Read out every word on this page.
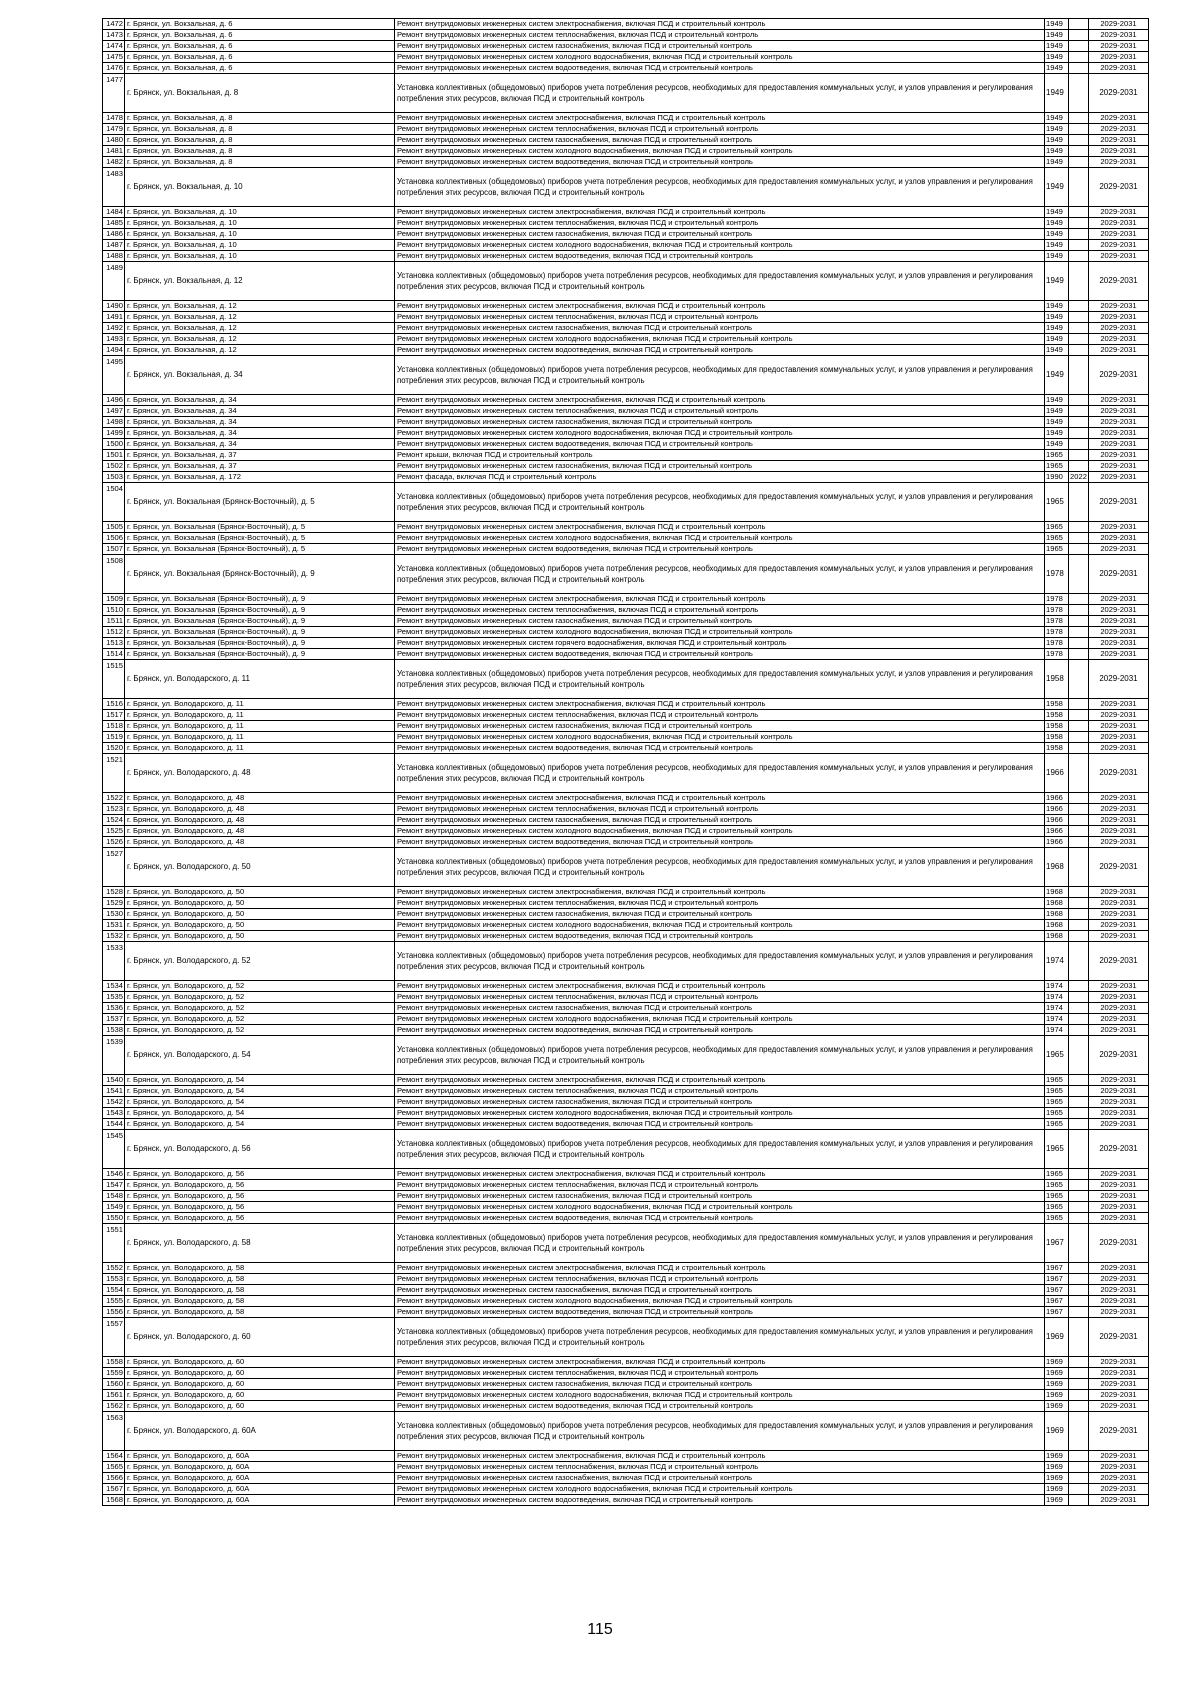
1472	г. Брянск, ул. Вокзальная, д. 6	Ремонт внутридомовых инженерных систем электроснабжения, включая ПСД и строительный контроль	1949		2029-2031
1473	г. Брянск, ул. Вокзальная, д. 6	Ремонт внутридомовых инженерных систем теплоснабжения, включая ПСД и строительный контроль	1949		2029-2031
1474	г. Брянск, ул. Вокзальная, д. 6	Ремонт внутридомовых инженерных систем газоснабжения, включая ПСД и строительный контроль	1949		2029-2031
1475	г. Брянск, ул. Вокзальная, д. 6	Ремонт внутридомовых инженерных систем холодного водоснабжения, включая ПСД и строительный контроль	1949		2029-2031
1476	г. Брянск, ул. Вокзальная, д. 6	Ремонт внутридомовых инженерных систем водоотведения, включая ПСД и строительный контроль	1949		2029-2031
1477	г. Брянск, ул. Вокзальная, д. 8	Установка коллективных (общедомовых) приборов учета потребления ресурсов, необходимых для предоставления коммунальных услуг, и узлов управления и регулирования потребления этих ресурсов, включая ПСД и строительный контроль	1949		2029-2031
1478	г. Брянск, ул. Вокзальная, д. 8	Ремонт внутридомовых инженерных систем электроснабжения, включая ПСД и строительный контроль	1949		2029-2031
1479	г. Брянск, ул. Вокзальная, д. 8	Ремонт внутридомовых инженерных систем теплоснабжения, включая ПСД и строительный контроль	1949		2029-2031
1480	г. Брянск, ул. Вокзальная, д. 8	Ремонт внутридомовых инженерных систем газоснабжения, включая ПСД и строительный контроль	1949		2029-2031
1481	г. Брянск, ул. Вокзальная, д. 8	Ремонт внутридомовых инженерных систем холодного водоснабжения, включая ПСД и строительный контроль	1949		2029-2031
1482	г. Брянск, ул. Вокзальная, д. 8	Ремонт внутридомовых инженерных систем водоотведения, включая ПСД и строительный контроль	1949		2029-2031
1483	г. Брянск, ул. Вокзальная, д. 10	Установка коллективных (общедомовых) приборов учета потребления ресурсов, необходимых для предоставления коммунальных услуг, и узлов управления и регулирования потребления этих ресурсов, включая ПСД и строительный контроль	1949		2029-2031
1484	г. Брянск, ул. Вокзальная, д. 10	Ремонт внутридомовых инженерных систем электроснабжения, включая ПСД и строительный контроль	1949		2029-2031
1485	г. Брянск, ул. Вокзальная, д. 10	Ремонт внутридомовых инженерных систем теплоснабжения, включая ПСД и строительный контроль	1949		2029-2031
1486	г. Брянск, ул. Вокзальная, д. 10	Ремонт внутридомовых инженерных систем газоснабжения, включая ПСД и строительный контроль	1949		2029-2031
1487	г. Брянск, ул. Вокзальная, д. 10	Ремонт внутридомовых инженерных систем холодного водоснабжения, включая ПСД и строительный контроль	1949		2029-2031
1488	г. Брянск, ул. Вокзальная, д. 10	Ремонт внутридомовых инженерных систем водоотведения, включая ПСД и строительный контроль	1949		2029-2031
1489	г. Брянск, ул. Вокзальная, д. 12	Установка коллективных (общедомовых) приборов учета потребления ресурсов, необходимых для предоставления коммунальных услуг, и узлов управления и регулирования потребления этих ресурсов, включая ПСД и строительный контроль	1949		2029-2031
1490	г. Брянск, ул. Вокзальная, д. 12	Ремонт внутридомовых инженерных систем электроснабжения, включая ПСД и строительный контроль	1949		2029-2031
1491	г. Брянск, ул. Вокзальная, д. 12	Ремонт внутридомовых инженерных систем теплоснабжения, включая ПСД и строительный контроль	1949		2029-2031
1492	г. Брянск, ул. Вокзальная, д. 12	Ремонт внутридомовых инженерных систем газоснабжения, включая ПСД и строительный контроль	1949		2029-2031
1493	г. Брянск, ул. Вокзальная, д. 12	Ремонт внутридомовых инженерных систем холодного водоснабжения, включая ПСД и строительный контроль	1949		2029-2031
1494	г. Брянск, ул. Вокзальная, д. 12	Ремонт внутридомовых инженерных систем водоотведения, включая ПСД и строительный контроль	1949		2029-2031
1495	г. Брянск, ул. Вокзальная, д. 34	Установка коллективных (общедомовых) приборов учета потребления ресурсов, необходимых для предоставления коммунальных услуг, и узлов управления и регулирования потребления этих ресурсов, включая ПСД и строительный контроль	1949		2029-2031
1496	г. Брянск, ул. Вокзальная, д. 34	Ремонт внутридомовых инженерных систем электроснабжения, включая ПСД и строительный контроль	1949		2029-2031
1497	г. Брянск, ул. Вокзальная, д. 34	Ремонт внутридомовых инженерных систем теплоснабжения, включая ПСД и строительный контроль	1949		2029-2031
1498	г. Брянск, ул. Вокзальная, д. 34	Ремонт внутридомовых инженерных систем газоснабжения, включая ПСД и строительный контроль	1949		2029-2031
1499	г. Брянск, ул. Вокзальная, д. 34	Ремонт внутридомовых инженерных систем холодного водоснабжения, включая ПСД и строительный контроль	1949		2029-2031
1500	г. Брянск, ул. Вокзальная, д. 34	Ремонт внутридомовых инженерных систем водоотведения, включая ПСД и строительный контроль	1949		2029-2031
1501	г. Брянск, ул. Вокзальная, д. 37	Ремонт крыши, включая ПСД и строительный контроль	1965		2029-2031
1502	г. Брянск, ул. Вокзальная, д. 37	Ремонт внутридомовых инженерных систем газоснабжения, включая ПСД и строительный контроль	1965		2029-2031
1503	г. Брянск, ул. Вокзальная, д. 172	Ремонт фасада, включая ПСД и строительный контроль	1990	2022	2029-2031
1504	г. Брянск, ул. Вокзальная (Брянск-Восточный), д. 5	Установка коллективных (общедомовых) приборов учета потребления ресурсов, необходимых для предоставления коммунальных услуг, и узлов управления и регулирования потребления этих ресурсов, включая ПСД и строительный контроль	1965		2029-2031
1505	г. Брянск, ул. Вокзальная (Брянск-Восточный), д. 5	Ремонт внутридомовых инженерных систем электроснабжения, включая ПСД и строительный контроль	1965		2029-2031
1506	г. Брянск, ул. Вокзальная (Брянск-Восточный), д. 5	Ремонт внутридомовых инженерных систем холодного водоснабжения, включая ПСД и строительный контроль	1965		2029-2031
1507	г. Брянск, ул. Вокзальная (Брянск-Восточный), д. 5	Ремонт внутридомовых инженерных систем водоотведения, включая ПСД и строительный контроль	1965		2029-2031
1508	г. Брянск, ул. Вокзальная (Брянск-Восточный), д. 9	Установка коллективных (общедомовых) приборов учета потребления ресурсов, необходимых для предоставления коммунальных услуг, и узлов управления и регулирования потребления этих ресурсов, включая ПСД и строительный контроль	1978		2029-2031
1509	г. Брянск, ул. Вокзальная (Брянск-Восточный), д. 9	Ремонт внутридомовых инженерных систем электроснабжения, включая ПСД и строительный контроль	1978		2029-2031
1510	г. Брянск, ул. Вокзальная (Брянск-Восточный), д. 9	Ремонт внутридомовых инженерных систем теплоснабжения, включая ПСД и строительный контроль	1978		2029-2031
1511	г. Брянск, ул. Вокзальная (Брянск-Восточный), д. 9	Ремонт внутридомовых инженерных систем газоснабжения, включая ПСД и строительный контроль	1978		2029-2031
1512	г. Брянск, ул. Вокзальная (Брянск-Восточный), д. 9	Ремонт внутридомовых инженерных систем холодного водоснабжения, включая ПСД и строительный контроль	1978		2029-2031
1513	г. Брянск, ул. Вокзальная (Брянск-Восточный), д. 9	Ремонт внутридомовых инженерных систем горячего водоснабжения, включая ПСД и строительный контроль	1978		2029-2031
1514	г. Брянск, ул. Вокзальная (Брянск-Восточный), д. 9	Ремонт внутридомовых инженерных систем водоотведения, включая ПСД и строительный контроль	1978		2029-2031
1515	г. Брянск, ул. Володарского, д. 11	Установка коллективных (общедомовых) приборов учета потребления ресурсов, необходимых для предоставления коммунальных услуг, и узлов управления и регулирования потребления этих ресурсов, включая ПСД и строительный контроль	1958		2029-2031
1516	г. Брянск, ул. Володарского, д. 11	Ремонт внутридомовых инженерных систем электроснабжения, включая ПСД и строительный контроль	1958		2029-2031
1517	г. Брянск, ул. Володарского, д. 11	Ремонт внутридомовых инженерных систем теплоснабжения, включая ПСД и строительный контроль	1958		2029-2031
1518	г. Брянск, ул. Володарского, д. 11	Ремонт внутридомовых инженерных систем газоснабжения, включая ПСД и строительный контроль	1958		2029-2031
1519	г. Брянск, ул. Володарского, д. 11	Ремонт внутридомовых инженерных систем холодного водоснабжения, включая ПСД и строительный контроль	1958		2029-2031
1520	г. Брянск, ул. Володарского, д. 11	Ремонт внутридомовых инженерных систем водоотведения, включая ПСД и строительный контроль	1958		2029-2031
1521	г. Брянск, ул. Володарского, д. 48	Установка коллективных (общедомовых) приборов учета потребления ресурсов, необходимых для предоставления коммунальных услуг, и узлов управления и регулирования потребления этих ресурсов, включая ПСД и строительный контроль	1966		2029-2031
1522	г. Брянск, ул. Володарского, д. 48	Ремонт внутридомовых инженерных систем электроснабжения, включая ПСД и строительный контроль	1966		2029-2031
1523	г. Брянск, ул. Володарского, д. 48	Ремонт внутридомовых инженерных систем теплоснабжения, включая ПСД и строительный контроль	1966		2029-2031
1524	г. Брянск, ул. Володарского, д. 48	Ремонт внутридомовых инженерных систем газоснабжения, включая ПСД и строительный контроль	1966		2029-2031
1525	г. Брянск, ул. Володарского, д. 48	Ремонт внутридомовых инженерных систем холодного водоснабжения, включая ПСД и строительный контроль	1966		2029-2031
1526	г. Брянск, ул. Володарского, д. 48	Ремонт внутридомовых инженерных систем водоотведения, включая ПСД и строительный контроль	1966		2029-2031
1527	г. Брянск, ул. Володарского, д. 50	Установка коллективных (общедомовых) приборов учета потребления ресурсов, необходимых для предоставления коммунальных услуг, и узлов управления и регулирования потребления этих ресурсов, включая ПСД и строительный контроль	1968		2029-2031
1528	г. Брянск, ул. Володарского, д. 50	Ремонт внутридомовых инженерных систем электроснабжения, включая ПСД и строительный контроль	1968		2029-2031
1529	г. Брянск, ул. Володарского, д. 50	Ремонт внутридомовых инженерных систем теплоснабжения, включая ПСД и строительный контроль	1968		2029-2031
1530	г. Брянск, ул. Володарского, д. 50	Ремонт внутридомовых инженерных систем газоснабжения, включая ПСД и строительный контроль	1968		2029-2031
1531	г. Брянск, ул. Володарского, д. 50	Ремонт внутридомовых инженерных систем холодного водоснабжения, включая ПСД и строительный контроль	1968		2029-2031
1532	г. Брянск, ул. Володарского, д. 50	Ремонт внутридомовых инженерных систем водоотведения, включая ПСД и строительный контроль	1968		2029-2031
1533	г. Брянск, ул. Володарского, д. 52	Установка коллективных (общедомовых) приборов учета потребления ресурсов, необходимых для предоставления коммунальных услуг, и узлов управления и регулирования потребления этих ресурсов, включая ПСД и строительный контроль	1974		2029-2031
1534	г. Брянск, ул. Володарского, д. 52	Ремонт внутридомовых инженерных систем электроснабжения, включая ПСД и строительный контроль	1974		2029-2031
1535	г. Брянск, ул. Володарского, д. 52	Ремонт внутридомовых инженерных систем теплоснабжения, включая ПСД и строительный контроль	1974		2029-2031
1536	г. Брянск, ул. Володарского, д. 52	Ремонт внутридомовых инженерных систем газоснабжения, включая ПСД и строительный контроль	1974		2029-2031
1537	г. Брянск, ул. Володарского, д. 52	Ремонт внутридомовых инженерных систем холодного водоснабжения, включая ПСД и строительный контроль	1974		2029-2031
1538	г. Брянск, ул. Володарского, д. 52	Ремонт внутридомовых инженерных систем водоотведения, включая ПСД и строительный контроль	1974		2029-2031
1539	г. Брянск, ул. Володарского, д. 54	Установка коллективных (общедомовых) приборов учета потребления ресурсов, необходимых для предоставления коммунальных услуг, и узлов управления и регулирования потребления этих ресурсов, включая ПСД и строительный контроль	1965		2029-2031
1540	г. Брянск, ул. Володарского, д. 54	Ремонт внутридомовых инженерных систем электроснабжения, включая ПСД и строительный контроль	1965		2029-2031
1541	г. Брянск, ул. Володарского, д. 54	Ремонт внутридомовых инженерных систем теплоснабжения, включая ПСД и строительный контроль	1965		2029-2031
1542	г. Брянск, ул. Володарского, д. 54	Ремонт внутридомовых инженерных систем газоснабжения, включая ПСД и строительный контроль	1965		2029-2031
1543	г. Брянск, ул. Володарского, д. 54	Ремонт внутридомовых инженерных систем холодного водоснабжения, включая ПСД и строительный контроль	1965		2029-2031
1544	г. Брянск, ул. Володарского, д. 54	Ремонт внутридомовых инженерных систем водоотведения, включая ПСД и строительный контроль	1965		2029-2031
1545	г. Брянск, ул. Володарского, д. 56	Установка коллективных (общедомовых) приборов учета потребления ресурсов, необходимых для предоставления коммунальных услуг, и узлов управления и регулирования потребления этих ресурсов, включая ПСД и строительный контроль	1965		2029-2031
1546	г. Брянск, ул. Володарского, д. 56	Ремонт внутридомовых инженерных систем электроснабжения, включая ПСД и строительный контроль	1965		2029-2031
1547	г. Брянск, ул. Володарского, д. 56	Ремонт внутридомовых инженерных систем теплоснабжения, включая ПСД и строительный контроль	1965		2029-2031
1548	г. Брянск, ул. Володарского, д. 56	Ремонт внутридомовых инженерных систем газоснабжения, включая ПСД и строительный контроль	1965		2029-2031
1549	г. Брянск, ул. Володарского, д. 56	Ремонт внутридомовых инженерных систем холодного водоснабжения, включая ПСД и строительный контроль	1965		2029-2031
1550	г. Брянск, ул. Володарского, д. 56	Ремонт внутридомовых инженерных систем водоотведения, включая ПСД и строительный контроль	1965		2029-2031
1551	г. Брянск, ул. Володарского, д. 58	Установка коллективных (общедомовых) приборов учета потребления ресурсов, необходимых для предоставления коммунальных услуг, и узлов управления и регулирования потребления этих ресурсов, включая ПСД и строительный контроль	1967		2029-2031
1552	г. Брянск, ул. Володарского, д. 58	Ремонт внутридомовых инженерных систем электроснабжения, включая ПСД и строительный контроль	1967		2029-2031
1553	г. Брянск, ул. Володарского, д. 58	Ремонт внутридомовых инженерных систем теплоснабжения, включая ПСД и строительный контроль	1967		2029-2031
1554	г. Брянск, ул. Володарского, д. 58	Ремонт внутридомовых инженерных систем газоснабжения, включая ПСД и строительный контроль	1967		2029-2031
1555	г. Брянск, ул. Володарского, д. 58	Ремонт внутридомовых инженерных систем холодного водоснабжения, включая ПСД и строительный контроль	1967		2029-2031
1556	г. Брянск, ул. Володарского, д. 58	Ремонт внутридомовых инженерных систем водоотведения, включая ПСД и строительный контроль	1967		2029-2031
1557	г. Брянск, ул. Володарского, д. 60	Установка коллективных (общедомовых) приборов учета потребления ресурсов, необходимых для предоставления коммунальных услуг, и узлов управления и регулирования потребления этих ресурсов, включая ПСД и строительный контроль	1969		2029-2031
1558	г. Брянск, ул. Володарского, д. 60	Ремонт внутридомовых инженерных систем электроснабжения, включая ПСД и строительный контроль	1969		2029-2031
1559	г. Брянск, ул. Володарского, д. 60	Ремонт внутридомовых инженерных систем теплоснабжения, включая ПСД и строительный контроль	1969		2029-2031
1560	г. Брянск, ул. Володарского, д. 60	Ремонт внутридомовых инженерных систем газоснабжения, включая ПСД и строительный контроль	1969		2029-2031
1561	г. Брянск, ул. Володарского, д. 60	Ремонт внутридомовых инженерных систем холодного водоснабжения, включая ПСД и строительный контроль	1969		2029-2031
1562	г. Брянск, ул. Володарского, д. 60	Ремонт внутридомовых инженерных систем водоотведения, включая ПСД и строительный контроль	1969		2029-2031
1563	г. Брянск, ул. Володарского, д. 60А	Установка коллективных (общедомовых) приборов учета потребления ресурсов, необходимых для предоставления коммунальных услуг, и узлов управления и регулирования потребления этих ресурсов, включая ПСД и строительный контроль	1969		2029-2031
1564	г. Брянск, ул. Володарского, д. 60А	Ремонт внутридомовых инженерных систем электроснабжения, включая ПСД и строительный контроль	1969		2029-2031
1565	г. Брянск, ул. Володарского, д. 60А	Ремонт внутридомовых инженерных систем теплоснабжения, включая ПСД и строительный контроль	1969		2029-2031
1566	г. Брянск, ул. Володарского, д. 60А	Ремонт внутридомовых инженерных систем газоснабжения, включая ПСД и строительный контроль	1969		2029-2031
1567	г. Брянск, ул. Володарского, д. 60А	Ремонт внутридомовых инженерных систем холодного водоснабжения, включая ПСД и строительный контроль	1969		2029-2031
1568	г. Брянск, ул. Володарского, д. 60А	Ремонт внутридомовых инженерных систем водоотведения, включая ПСД и строительный контроль	1969		2029-2031
115
